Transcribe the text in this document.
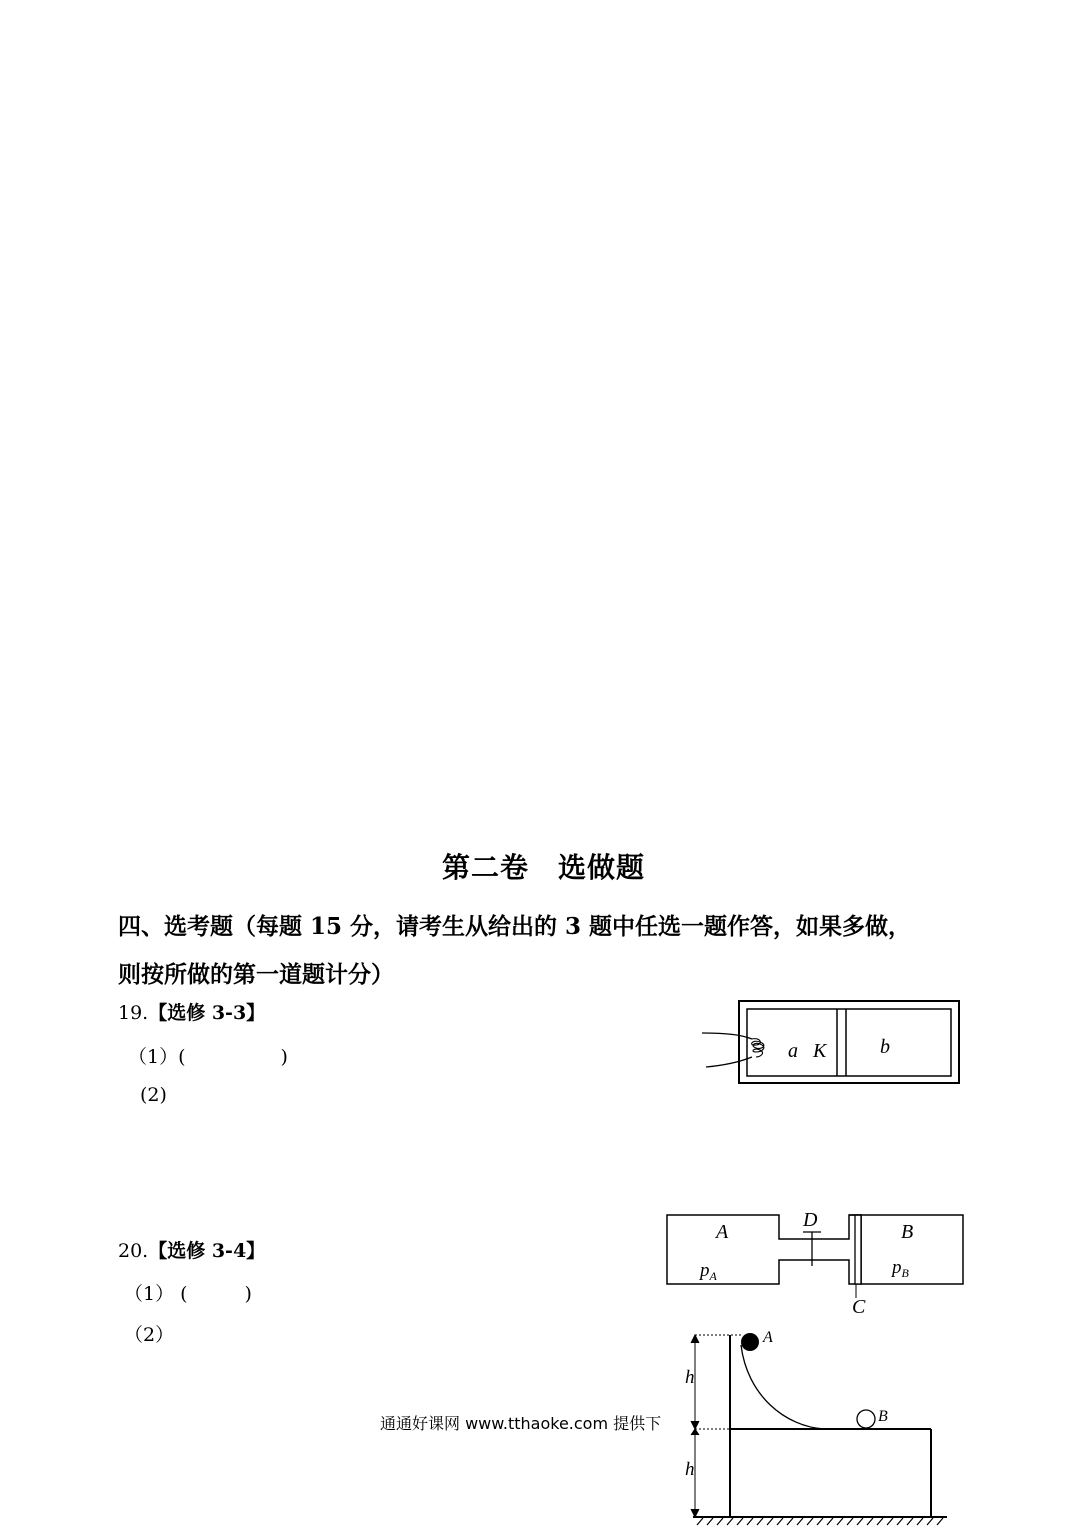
第二卷　选做题
四、选考题（每题 15 分，请考生从给出的 3 题中任选一题作答，如果多做，
则按所做的第一道题计分）
19.【选修 3-3】
（1）(　　　　　)
(2)
20.【选修 3-4】
（1） (　　　)
（2）
a K	b
A
D
B
$p_A$	$p_B$
C
A
B
h
h
通通好课网 www.tthaoke.com 提供下
